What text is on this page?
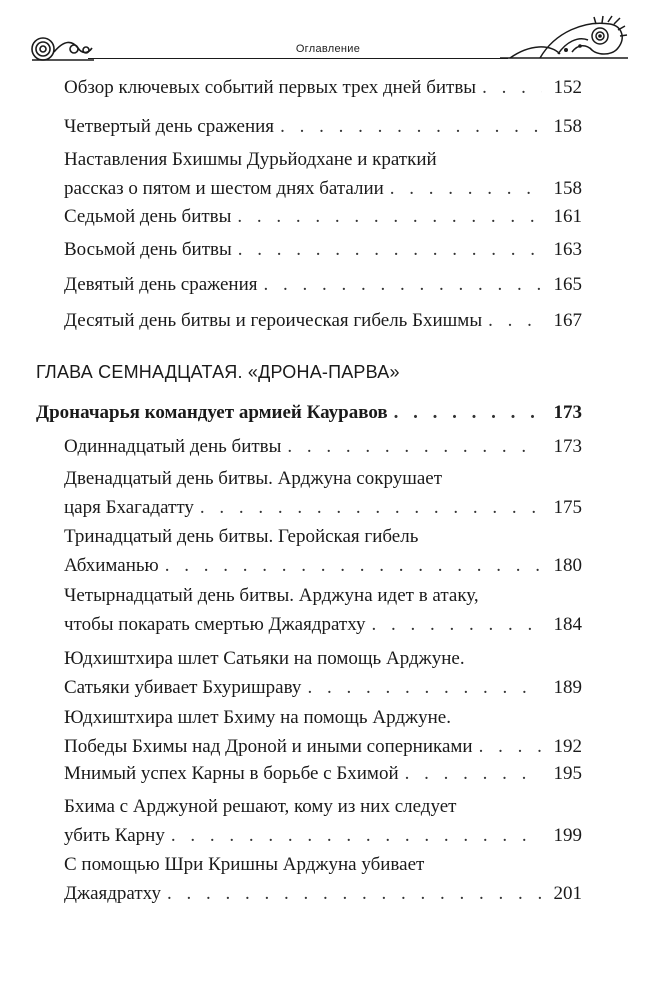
Оглавление
Обзор ключевых событий первых трех дней битвы . . .	152
Четвертый день сражения . . .	158
Наставления Бхишмы Дурьйодхане и краткий
рассказ о пятом и шестом днях баталии . . .	158
Седьмой день битвы . . .	161
Восьмой день битвы . . .	163
Девятый день сражения . . .	165
Десятый день битвы и героическая гибель Бхишмы . . .	167
ГЛАВА СЕМНАДЦАТАЯ. «ДРОНА-ПАРВА»
Дроначарья командует армией Кауравов . . .	173
Одиннадцатый день битвы . . .	173
Двенадцатый день битвы. Арджуна сокрушает
царя Бхагадатту . . .	175
Тринадцатый день битвы. Геройская гибель
Абхиманью . . .	180
Четырнадцатый день битвы. Арджуна идет в атаку,
чтобы покарать смертью Джаядратху . . .	184
Юдхиштхира шлет Сатьяки на помощь Арджуне.
Сатьяки убивает Бхуришраву . . .	189
Юдхиштхира шлет Бхиму на помощь Арджуне.
Победы Бхимы над Дроной и иными соперниками . . .	192
Мнимый успех Карны в борьбе с Бхимой . . .	195
Бхима с Арджуной решают, кому из них следует
убить Карну . . .	199
С помощью Шри Кришны Арджуна убивает
Джаядратху . . .	201
